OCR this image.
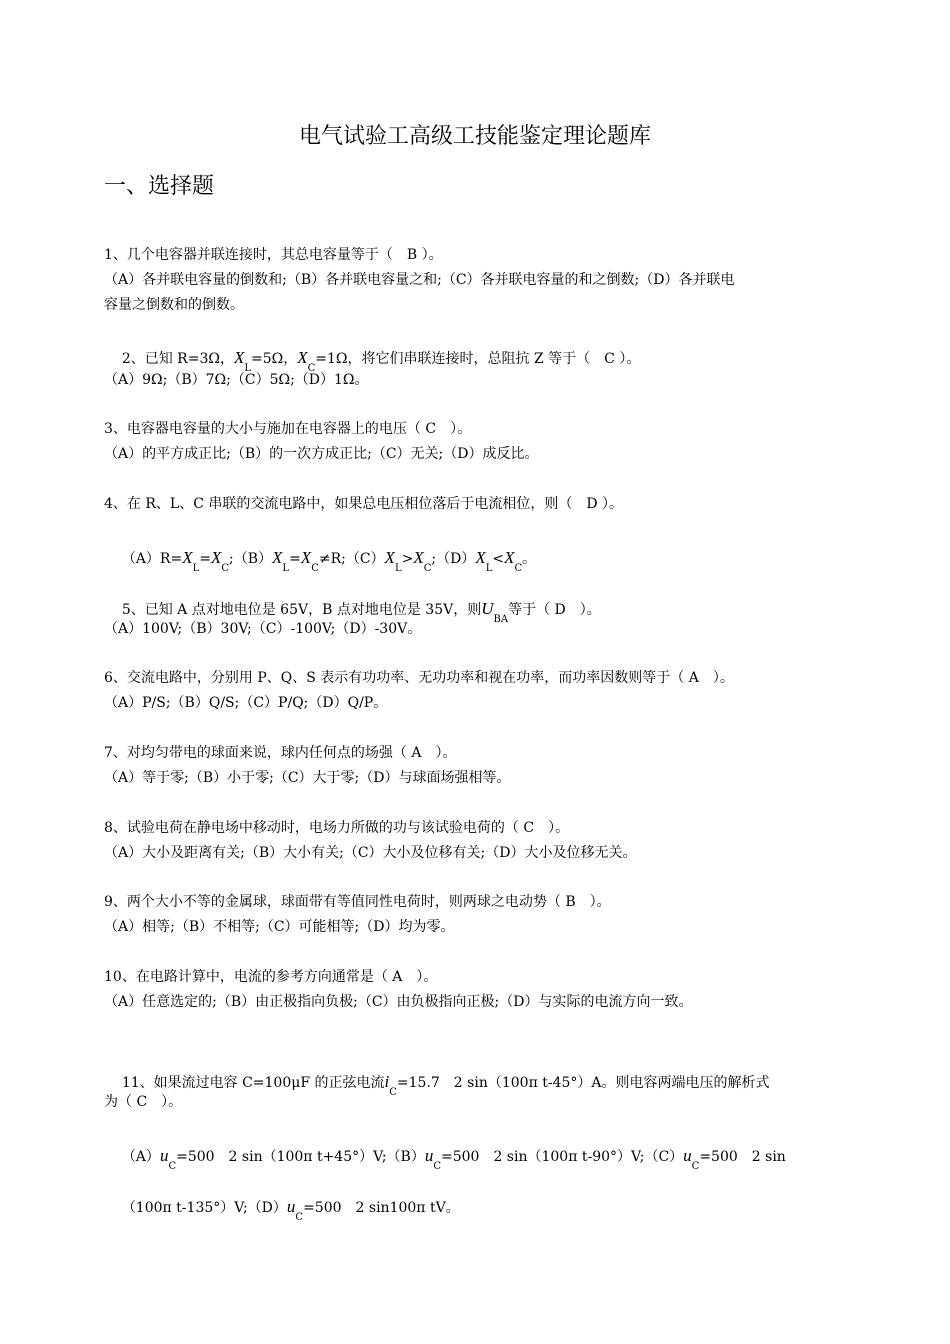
电气试验工高级工技能鉴定理论题库
一、选择题
1、几个电容器并联连接时，其总电容量等于（　B ）。
（A）各并联电容量的倒数和;（B）各并联电容量之和;（C）各并联电容量的和之倒数;（D）各并联电
容量之倒数和的倒数。

2、已知 R=3Ω，$X_L=5\Omega$，$X_C=1\Omega$，将它们串联连接时，总阻抗 Z 等于（　C ）。

（A）9Ω;（B）7Ω;（C）5Ω;（D）1Ω。
3、电容器电容量的大小与施加在电容器上的电压（ C　）。
（A）的平方成正比;（B）的一次方成正比;（C）无关;（D）成反比。
4、在 R、L、C 串联的交流电路中，如果总电压相位落后于电流相位，则（　D ）。

$(A)R=X_L=X_C;(B)X_L=X_C\ne R;(C)X_L>X_C;(D)X_L<X_C$。

5、已知 A 点对地电位是 65V，B 点对地电位是 35V，则$U_{BA}$等于（ D　）。

（A）100V;（B）30V;（C）-100V;（D）-30V。
6、交流电路中，分别用 P、Q、S 表示有功功率、无功功率和视在功率，而功率因数则等于（ A　）。
（A）P/S;（B）Q/S;（C）P/Q;（D）Q/P。
7、对均匀带电的球面来说，球内任何点的场强（ A　）。
（A）等于零;（B）小于零;（C）大于零;（D）与球面场强相等。
8、试验电荷在静电场中移动时，电场力所做的功与该试验电荷的（ C　）。
（A）大小及距离有关;（B）大小有关;（C）大小及位移有关;（D）大小及位移无关。
9、两个大小不等的金属球，球面带有等值同性电荷时，则两球之电动势（ B　）。
（A）相等;（B）不相等;（C）可能相等;（D）均为零。
10、在电路计算中，电流的参考方向通常是（ A　）。
（A）任意选定的;（B）由正极指向负极;（C）由负极指向正极;（D）与实际的电流方向一致。

11、如果流过电容 C=100μF 的正弦电流$i_C=15.7$　2 sin（100π t-45°）A。则电容两端电压的解析式

为（ C　）。

$(A)u_C=500$　2 sin（100π $t+45^\circ)V;(B)u_C=500$　2 sin（100π $t-90^\circ)V;(C)u_C=500$　2 sin

（100π $t-135^\circ)V;(D)u_C=500$　2 sin100π tV。
